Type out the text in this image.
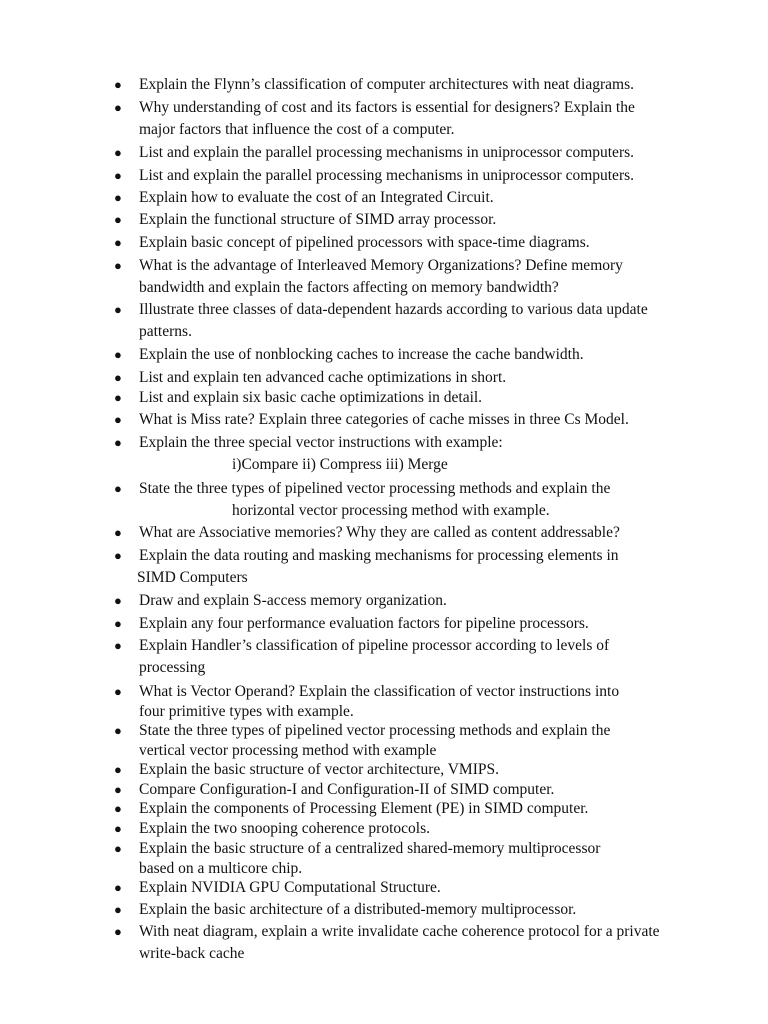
● Explain the Flynn’s classification of computer architectures with neat diagrams.
● Why understanding of cost and its factors is essential for designers? Explain the
major factors that influence the cost of a computer.
● List and explain the parallel processing mechanisms in uniprocessor computers.
● List and explain the parallel processing mechanisms in uniprocessor computers.
● Explain how to evaluate the cost of an Integrated Circuit.
● Explain the functional structure of SIMD array processor.
● Explain basic concept of pipelined processors with space-time diagrams.
● What is the advantage of Interleaved Memory Organizations? Define memory
bandwidth and explain the factors affecting on memory bandwidth?
● Illustrate three classes of data-dependent hazards according to various data update
patterns.
● Explain the use of nonblocking caches to increase the cache bandwidth.
● List and explain ten advanced cache optimizations in short.
● List and explain six basic cache optimizations in detail.
● What is Miss rate? Explain three categories of cache misses in three Cs Model.
● Explain the three special vector instructions with example:
i)Compare ii) Compress iii) Merge
● State the three types of pipelined vector processing methods and explain the
horizontal vector processing method with example.
● What are Associative memories? Why they are called as content addressable?
● Explain the data routing and masking mechanisms for processing elements in
SIMD Computers
● Draw and explain S-access memory organization.
● Explain any four performance evaluation factors for pipeline processors.
● Explain Handler’s classification of pipeline processor according to levels of
processing
● What is Vector Operand? Explain the classification of vector instructions into
four primitive types with example.
● State the three types of pipelined vector processing methods and explain the
vertical vector processing method with example
● Explain the basic structure of vector architecture, VMIPS.
● Compare Configuration-I and Configuration-II of SIMD computer.
● Explain the components of Processing Element (PE) in SIMD computer.
● Explain the two snooping coherence protocols.
● Explain the basic structure of a centralized shared-memory multiprocessor
based on a multicore chip.
● Explain NVIDIA GPU Computational Structure.
● Explain the basic architecture of a distributed-memory multiprocessor.
● With neat diagram, explain a write invalidate cache coherence protocol for a private
write-back cache
